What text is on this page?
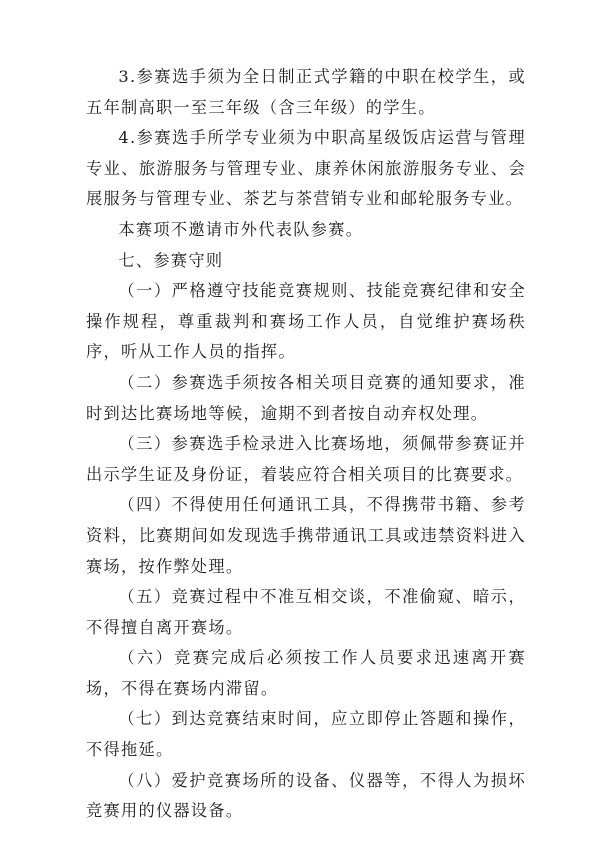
3.参赛选手须为全日制正式学籍的中职在校学生，或五年制高职一至三年级（含三年级）的学生。

4.参赛选手所学专业须为中职高星级饭店运营与管理专业、旅游服务与管理专业、康养休闲旅游服务专业、会展服务与管理专业、茶艺与茶营销专业和邮轮服务专业。

本赛项不邀请市外代表队参赛。

七、参赛守则

（一）严格遵守技能竞赛规则、技能竞赛纪律和安全操作规程，尊重裁判和赛场工作人员，自觉维护赛场秩序，听从工作人员的指挥。

（二）参赛选手须按各相关项目竞赛的通知要求，准时到达比赛场地等候，逾期不到者按自动弃权处理。

（三）参赛选手检录进入比赛场地，须佩带参赛证并出示学生证及身份证，着装应符合相关项目的比赛要求。

（四）不得使用任何通讯工具，不得携带书籍、参考资料，比赛期间如发现选手携带通讯工具或违禁资料进入赛场，按作弊处理。

（五）竞赛过程中不准互相交谈，不准偷窥、暗示，不得擅自离开赛场。

（六）竞赛完成后必须按工作人员要求迅速离开赛场，不得在赛场内滞留。

（七）到达竞赛结束时间，应立即停止答题和操作，不得拖延。

（八）爱护竞赛场所的设备、仪器等，不得人为损坏竞赛用的仪器设备。
